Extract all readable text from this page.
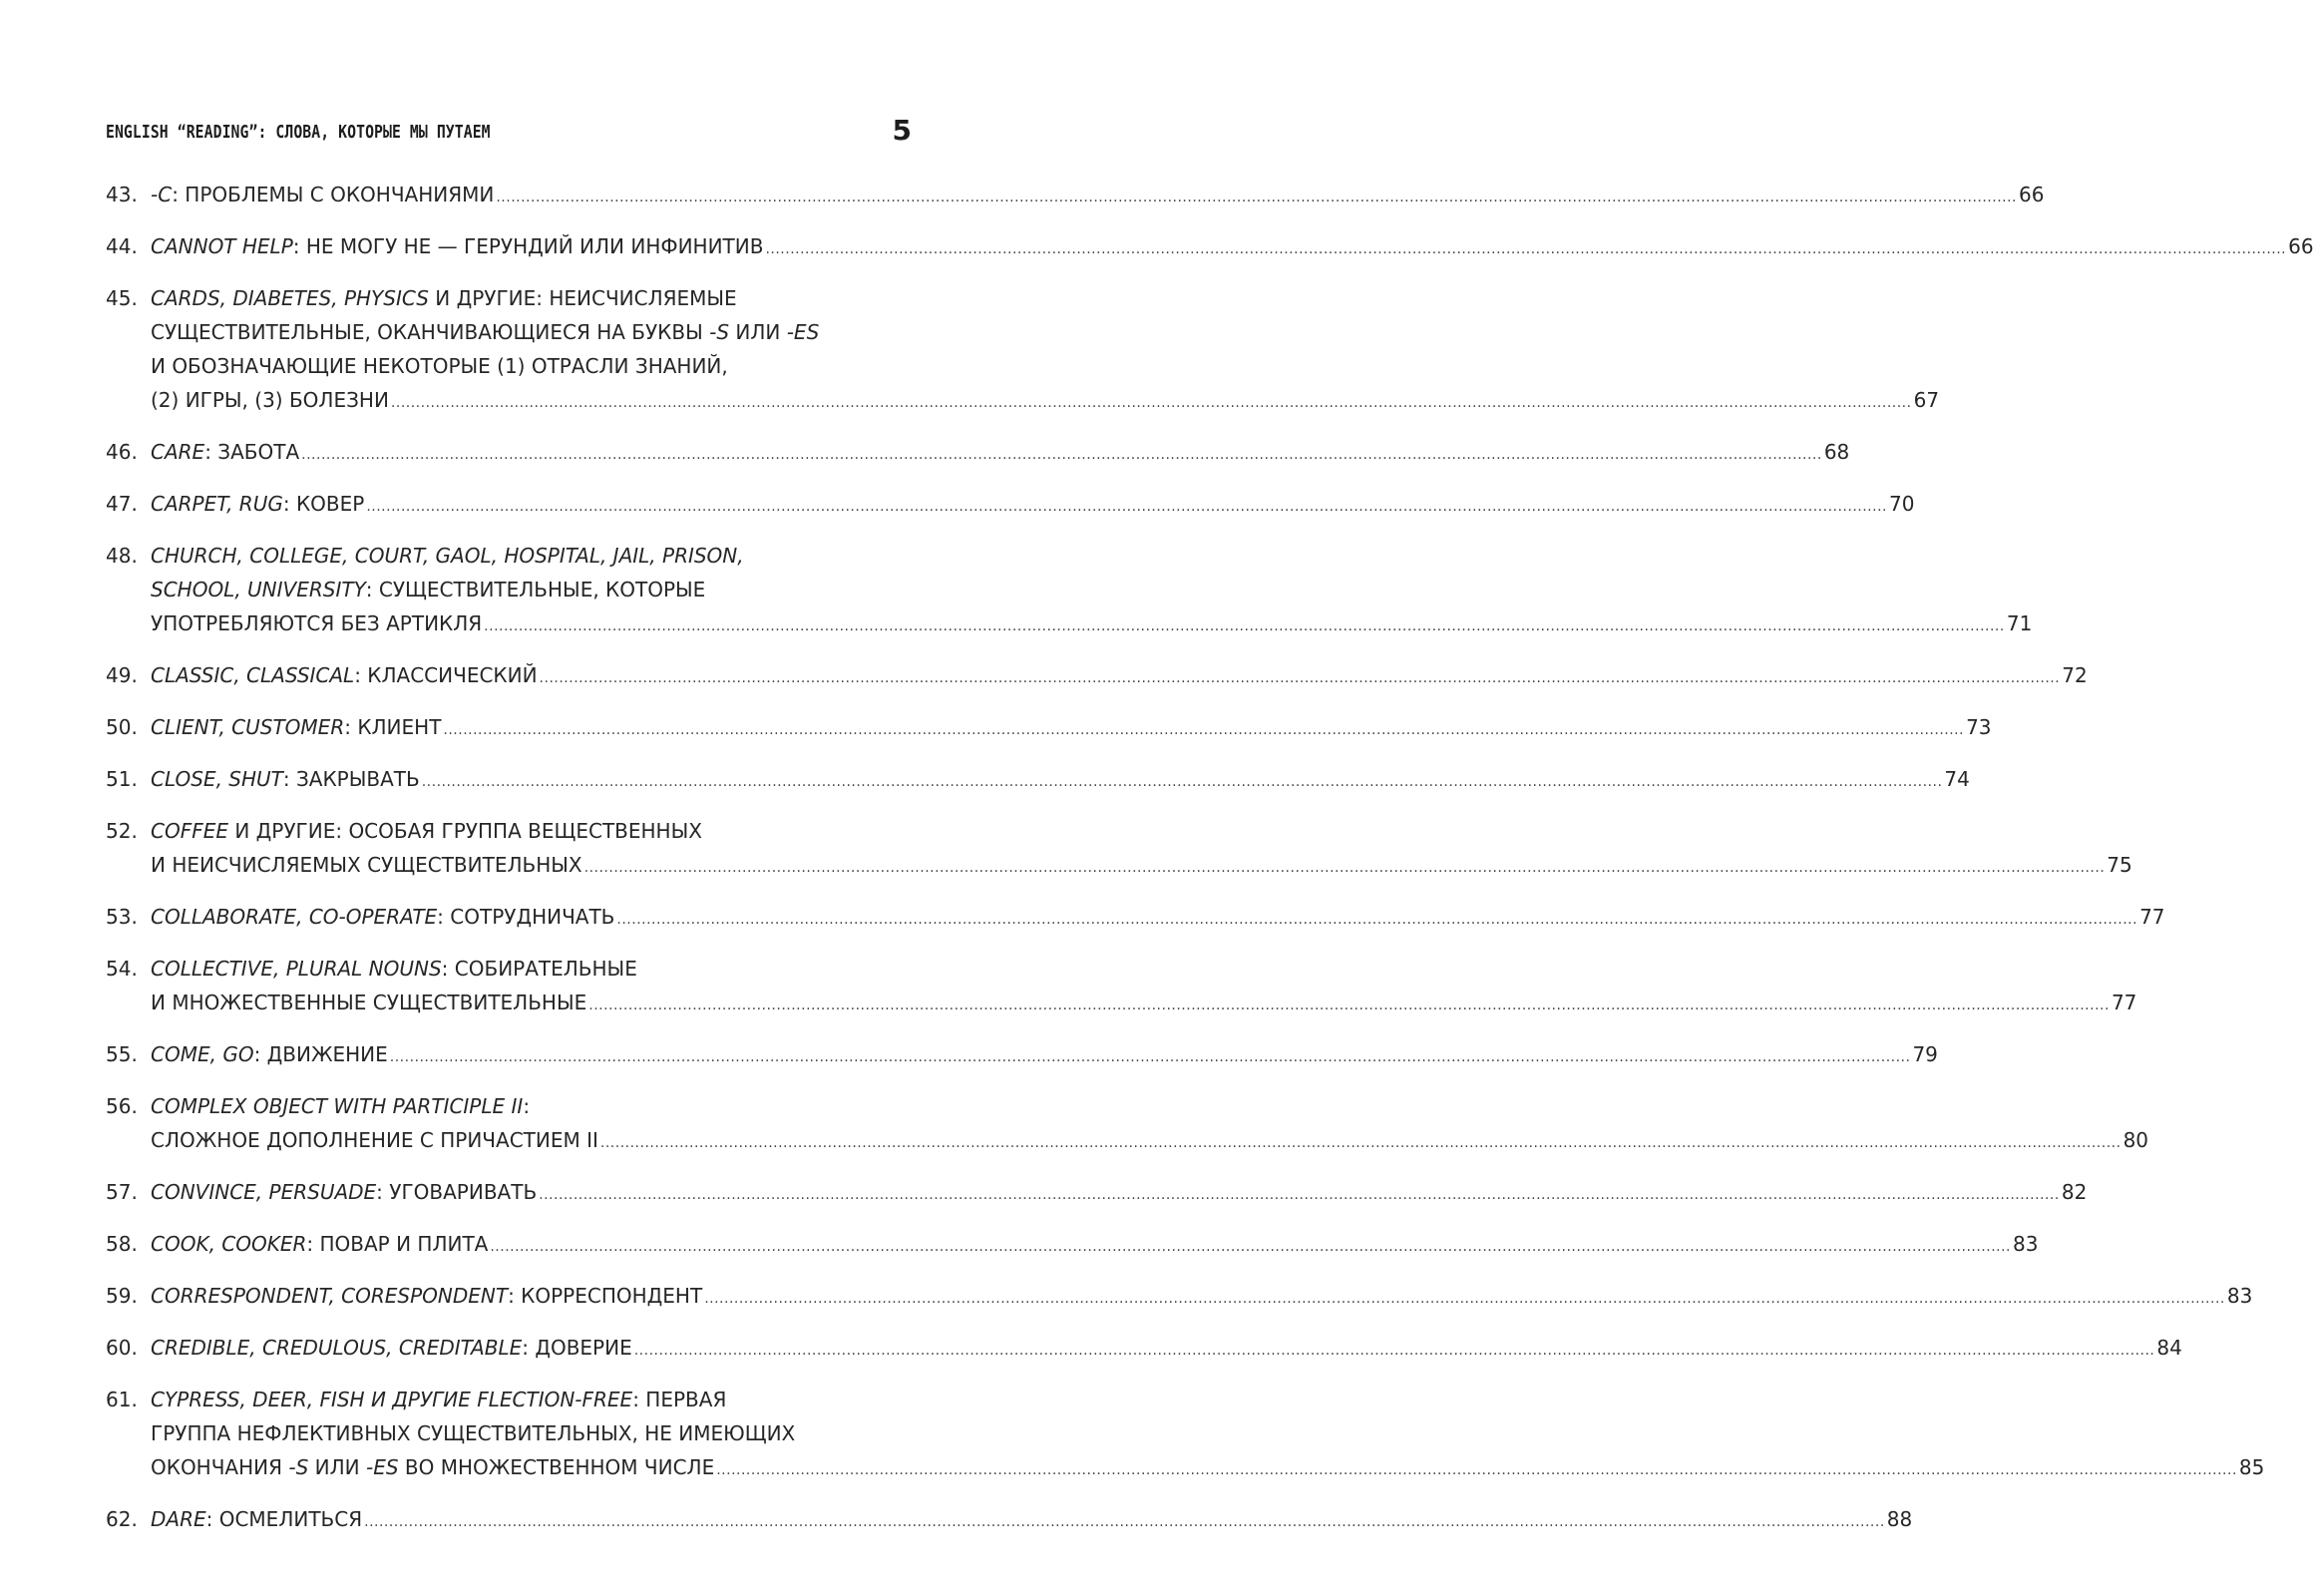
ENGLISH “READING”: СЛОВА, КОТОРЫЕ МЫ ПУТАЕМ	5
43. -C: ПРОБЛЕМЫ С ОКОНЧАНИЯМИ .....	66
44. CANNOT HELP: НЕ МОГУ НЕ — ГЕРУНДИЙ ИЛИ ИНФИНИТИВ .....	66
45. CARDS, DIABETES, PHYSICS И ДРУГИЕ: НЕИСЧИСЛЯЕМЫЕ
СУЩЕСТВИТЕЛЬНЫЕ, ОКАНЧИВАЮЩИЕСЯ НА БУКВЫ -S ИЛИ -ES
И ОБОЗНАЧАЮЩИЕ НЕКОТОРЫЕ (1) ОТРАСЛИ ЗНАНИЙ,
(2) ИГРЫ, (3) БОЛЕЗНИ .....	67
46. CARE: ЗАБОТА .....	68
47. CARPET, RUG: КОВЕР .....	70
48. CHURCH, COLLEGE, COURT, GAOL, HOSPITAL, JAIL, PRISON,
SCHOOL, UNIVERSITY: СУЩЕСТВИТЕЛЬНЫЕ, КОТОРЫЕ
УПОТРЕБЛЯЮТСЯ БЕЗ АРТИКЛЯ .....	71
49. CLASSIC, CLASSICAL: КЛАССИЧЕСКИЙ .....	72
50. CLIENT, CUSTOMER: КЛИЕНТ .....	73
51. CLOSE, SHUT: ЗАКРЫВАТЬ .....	74
52. COFFEE И ДРУГИЕ: ОСОБАЯ ГРУППА ВЕЩЕСТВЕННЫХ
И НЕИСЧИСЛЯЕМЫХ СУЩЕСТВИТЕЛЬНЫХ .....	75
53. COLLABORATE, CO-OPERATE: СОТРУДНИЧАТЬ .....	77
54. COLLECTIVE, PLURAL NOUNS: СОБИРАТЕЛЬНЫЕ
И МНОЖЕСТВЕННЫЕ СУЩЕСТВИТЕЛЬНЫЕ .....	77
55. COME, GO: ДВИЖЕНИЕ .....	79
56. COMPLEX OBJECT WITH PARTICIPLE II:
СЛОЖНОЕ ДОПОЛНЕНИЕ С ПРИЧАСТИЕМ II .....	80
57. CONVINCE, PERSUADE: УГОВАРИВАТЬ .....	82
58. COOK, COOKER: ПОВАР И ПЛИТА .....	83
59. CORRESPONDENT, CORESPONDENT: КОРРЕСПОНДЕНТ .....	83
60. CREDIBLE, CREDULOUS, CREDITABLE: ДОВЕРИЕ .....	84
61. CYPRESS, DEER, FISH И ДРУГИЕ FLECTION-FREE: ПЕРВАЯ
ГРУППА НЕФЛЕКТИВНЫХ СУЩЕСТВИТЕЛЬНЫХ, НЕ ИМЕЮЩИХ
ОКОНЧАНИЯ -S ИЛИ -ES ВО МНОЖЕСТВЕННОМ ЧИСЛЕ .....	85
62. DARE: ОСМЕЛИТЬСЯ .....	88
